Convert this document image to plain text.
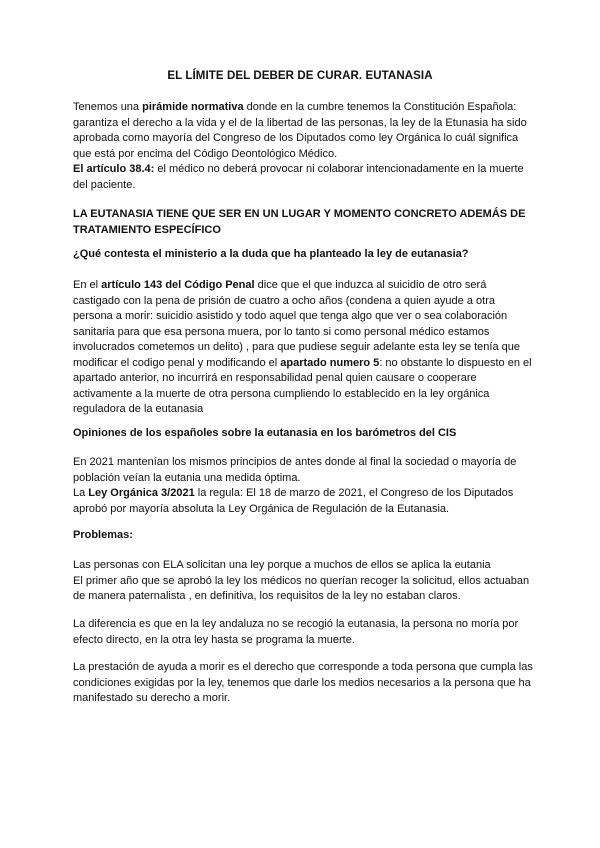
EL LÍMITE DEL DEBER DE CURAR. EUTANASIA

Tenemos una pirámide normativa donde en la cumbre tenemos la Constitución Española: garantiza el derecho a la vida y el de la libertad de las personas, la ley de la Etunasia ha sido aprobada como mayoría del Congreso de los Diputados como ley Orgánica lo cuál significa que está por encima del Código Deontológico Médico.

El artículo 38.4: el médico no deberá provocar ni colaborar intencionadamente en la muerte del paciente.

LA EUTANASIA TIENE QUE SER EN UN LUGAR Y MOMENTO CONCRETO ADEMÁS DE TRATAMIENTO ESPECÍFICO
¿Qué contesta el ministerio a la duda que ha planteado la ley de eutanasia?

En el artículo 143 del Código Penal dice que el que induzca al suicidio de otro será castigado con la pena de prisión de cuatro a ocho años (condena a quien ayude a otra persona a morir: suicidio asistido y todo aquel que tenga algo que ver o sea colaboración sanitaria para que esa persona muera, por lo tanto si como personal médico estamos involucrados cometemos un delito) , para que pudiese seguir adelante esta ley se tenía que modificar el codigo penal y modificando el apartado numero 5: no obstante lo dispuesto en el apartado anterior, no incurrirá en responsabilidad penal quien causare o cooperare activamente a la muerte de otra persona cumpliendo lo establecido en la ley orgánica reguladora de la eutanasia

Opiniones de los españoles sobre la eutanasia en los barómetros del CIS

En 2021 mantenían los mismos principios de antes donde al final la sociedad o mayoría de población veían la eutania una medida óptima.

La Ley Orgánica 3/2021 la regula: El 18 de marzo de 2021, el Congreso de los Diputados aprobó por mayoría absoluta la Ley Orgánica de Regulación de la Eutanasia.

Problemas:

Las personas con ELA solicitan una ley porque a muchos de ellos se aplica la eutania

El primer año que se aprobó la ley los médicos no querían recoger la solicitud, ellos actuaban de manera paternalista , en definitiva, los requisitos de la ley no estaban claros.

La diferencia es que en la ley andaluza no se recogió la eutanasia, la persona no moría por efecto directo, en la otra ley hasta se programa la muerte.
La prestación de ayuda a morir es el derecho que corresponde a toda persona que cumpla las condiciones exigidas por la ley, tenemos que darle los medios necesarios a la persona que ha manifestado su derecho a morir.
